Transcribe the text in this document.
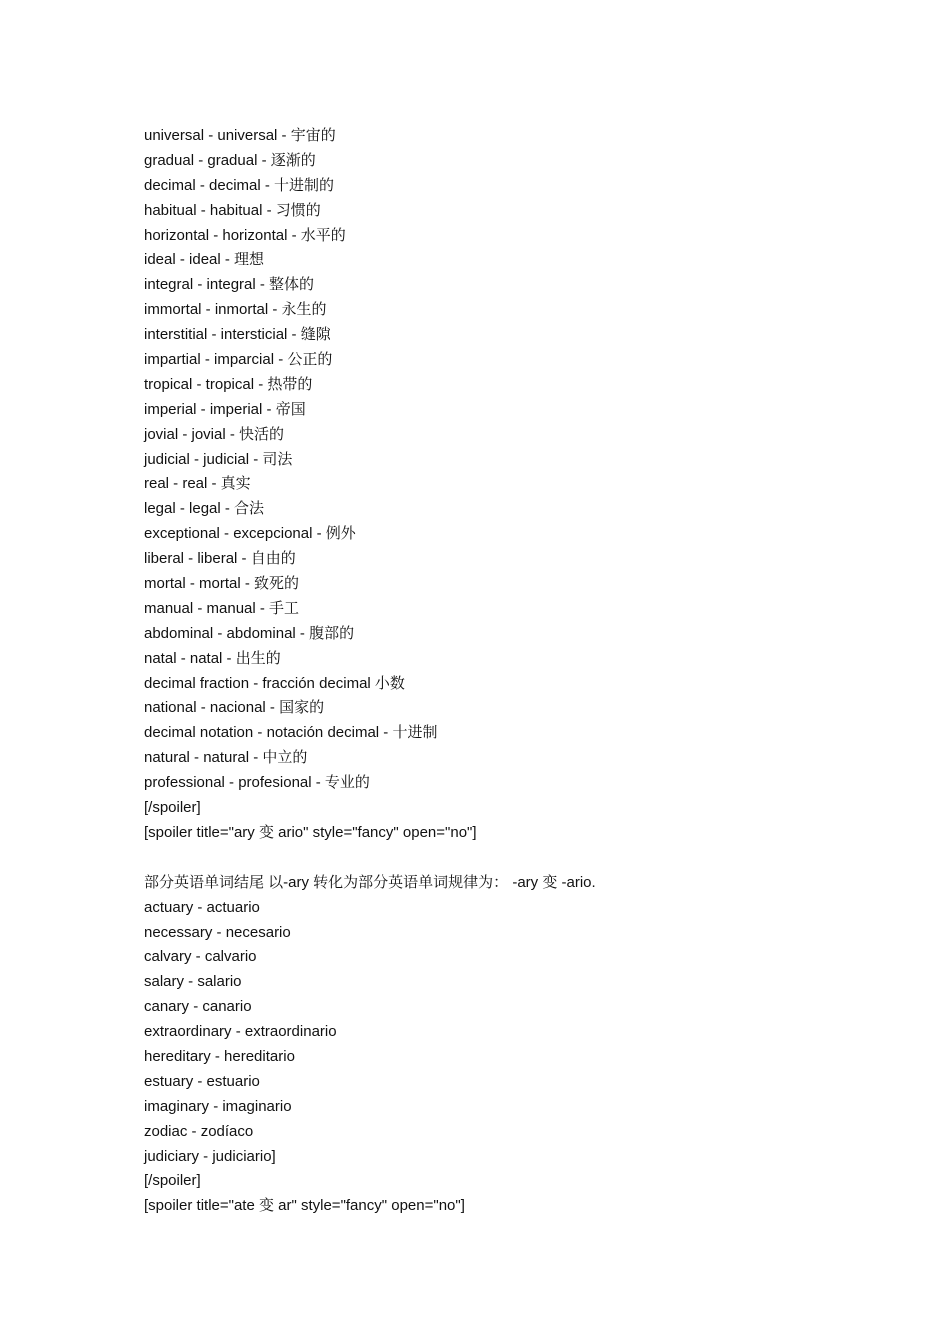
universal - universal - 宇宙的
gradual - gradual - 逐渐的
decimal - decimal - 十进制的
habitual - habitual - 习惯的
horizontal - horizontal - 水平的
ideal - ideal - 理想
integral - integral - 整体的
immortal - inmortal - 永生的
interstitial - intersticial - 缝隙
impartial - imparcial - 公正的
tropical - tropical - 热带的
imperial - imperial - 帝国
jovial - jovial - 快活的
judicial - judicial - 司法
real - real - 真实
legal - legal - 合法
exceptional - excepcional - 例外
liberal - liberal - 自由的
mortal - mortal - 致死的
manual - manual - 手工
abdominal - abdominal - 腹部的
natal - natal - 出生的
decimal fraction - fracción decimal 小数
national - nacional - 国家的
decimal notation - notación decimal - 十进制
natural - natural - 中立的
professional - profesional - 专业的
[/spoiler]
[spoiler title="ary 变 ario" style="fancy" open="no"]
部分英语单词结尾 以-ary 转化为部分英语单词规律为： -ary 变 -ario.
actuary - actuario
necessary - necesario
calvary - calvario
salary - salario
canary - canario
extraordinary - extraordinario
hereditary - hereditario
estuary - estuario
imaginary - imaginario
zodiac - zodíaco
judiciary - judiciario]
[/spoiler]
[spoiler title="ate 变 ar" style="fancy" open="no"]
